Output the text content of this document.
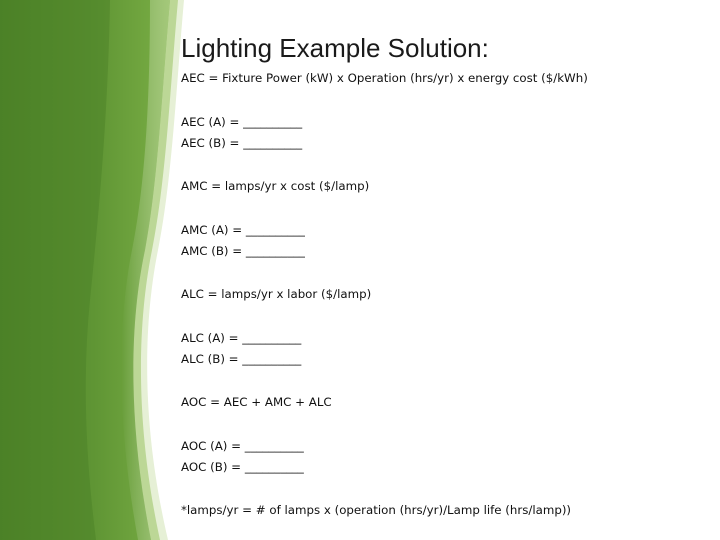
Lighting Example Solution:
AEC = Fixture Power (kW) x Operation (hrs/yr) x energy cost ($/kWh)
AEC (A) = __________
AEC (B) = __________
AMC = lamps/yr x cost ($/lamp)
AMC (A) = __________
AMC (B) = __________
ALC = lamps/yr x labor ($/lamp)
ALC (A) = __________
ALC (B) = __________
AOC = AEC + AMC + ALC
AOC (A) = __________
AOC (B) = __________
*lamps/yr = # of lamps x (operation (hrs/yr)/Lamp life (hrs/lamp))
